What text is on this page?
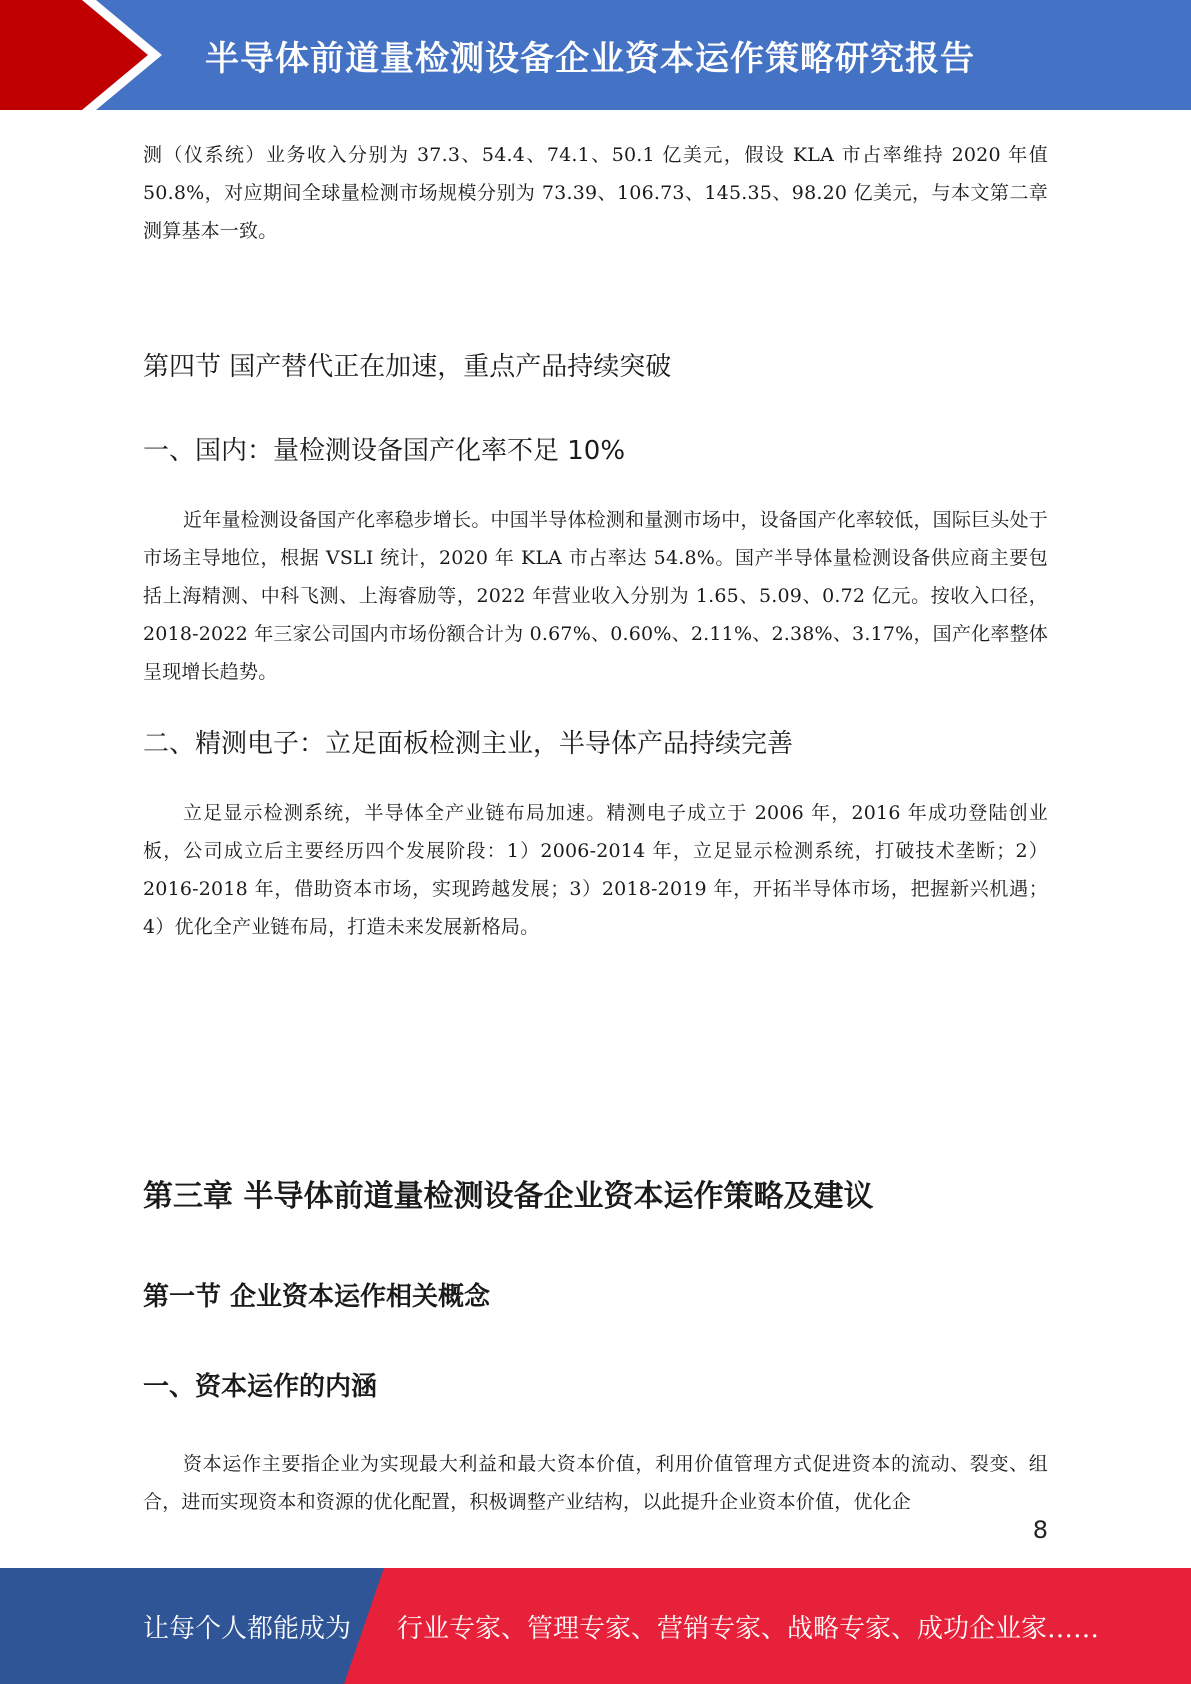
半导体前道量检测设备企业资本运作策略研究报告

测（仪系统）业务收入分别为 37.3、54.4、74.1、50.1 亿美元，假设 KLA 市占率维持 2020 年值 50.8%，对应期间全球量检测市场规模分别为 73.39、106.73、145.35、98.20 亿美元，与本文第二章测算基本一致。

第四节 国产替代正在加速，重点产品持续突破
一、国内：量检测设备国产化率不足 10%

近年量检测设备国产化率稳步增长。中国半导体检测和量测市场中，设备国产化率较低，国际巨头处于市场主导地位，根据 VSLI 统计，2020 年 KLA 市占率达 54.8%。国产半导体量检测设备供应商主要包括上海精测、中科飞测、上海睿励等，2022 年营业收入分别为 1.65、5.09、0.72 亿元。按收入口径，2018-2022 年三家公司国内市场份额合计为 0.67%、0.60%、2.11%、2.38%、3.17%，国产化率整体呈现增长趋势。

二、精测电子：立足面板检测主业，半导体产品持续完善

立足显示检测系统，半导体全产业链布局加速。精测电子成立于 2006 年，2016 年成功登陆创业板，公司成立后主要经历四个发展阶段：1）2006-2014 年，立足显示检测系统，打破技术垄断；2）2016-2018 年，借助资本市场，实现跨越发展；3）2018-2019 年，开拓半导体市场，把握新兴机遇；4）优化全产业链布局，打造未来发展新格局。

第三章 半导体前道量检测设备企业资本运作策略及建议
第一节 企业资本运作相关概念
一、资本运作的内涵

资本运作主要指企业为实现最大利益和最大资本价值，利用价值管理方式促进资本的流动、裂变、组合，进而实现资本和资源的优化配置，积极调整产业结构，以此提升企业资本价值，优化企

8
让每个人都能成为 行业专家、管理专家、营销专家、战略专家、成功企业家……
